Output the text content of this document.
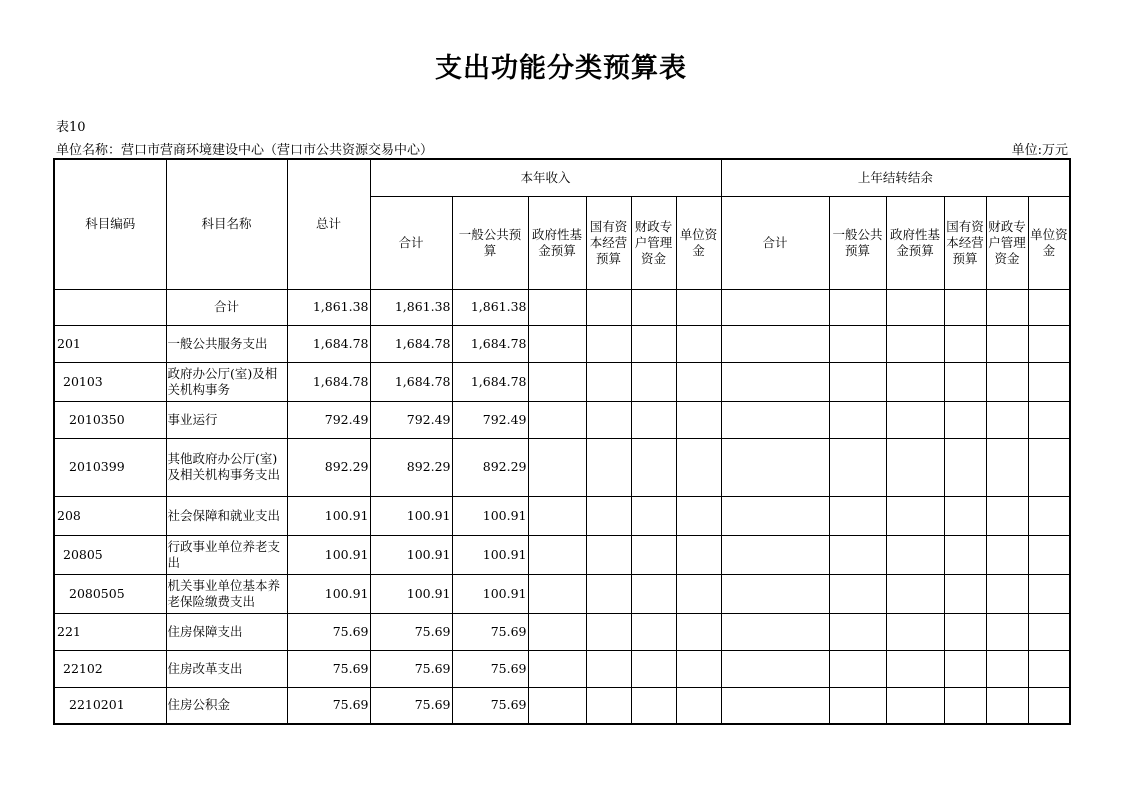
支出功能分类预算表
表10
单位名称：营口市营商环境建设中心（营口市公共资源交易中心）	单位:万元
科目编码	科目名称	总计	本年收入						上年结转结余					
			合计	一般公共预算	政府性基金预算	国有资本经营预算	财政专户管理资金	单位资金	合计	一般公共预算	政府性基金预算	国有资本经营预算	财政专户管理资金	单位资金
	合计	1,861.38	1,861.38	1,861.38										
201	一般公共服务支出	1,684.78	1,684.78	1,684.78										
20103	政府办公厅(室)及相关机构事务	1,684.78	1,684.78	1,684.78										
2010350	事业运行	792.49	792.49	792.49										
2010399	其他政府办公厅(室)及相关机构事务支出	892.29	892.29	892.29										
208	社会保障和就业支出	100.91	100.91	100.91										
20805	行政事业单位养老支出	100.91	100.91	100.91										
2080505	机关事业单位基本养老保险缴费支出	100.91	100.91	100.91										
221	住房保障支出	75.69	75.69	75.69										
22102	住房改革支出	75.69	75.69	75.69										
2210201	住房公积金	75.69	75.69	75.69										
